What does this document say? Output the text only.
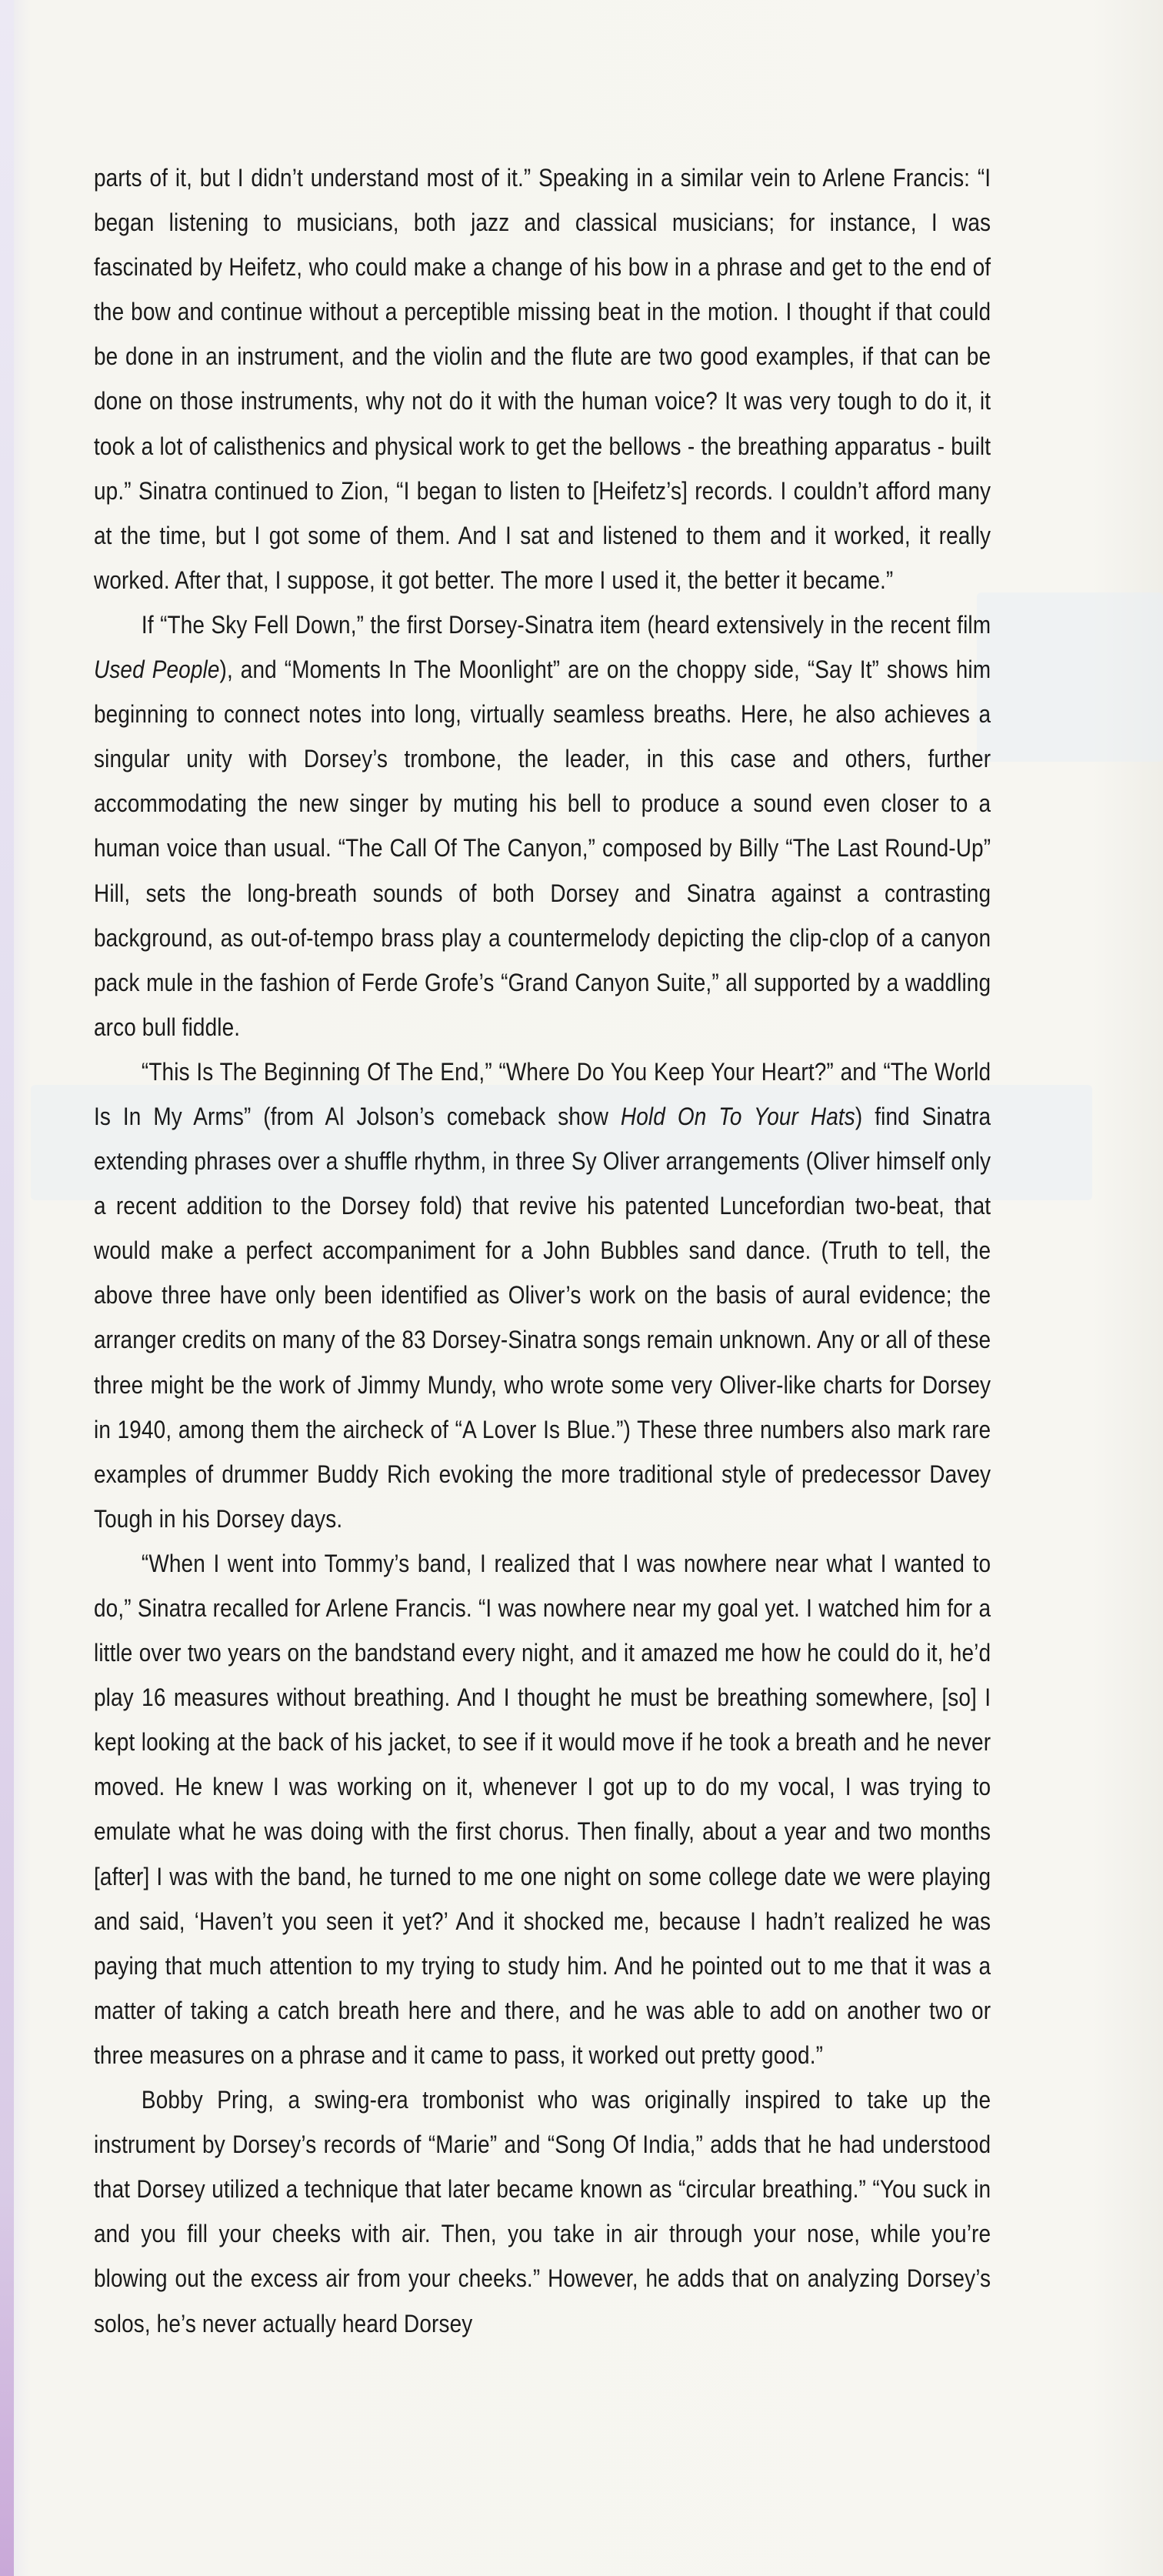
parts of it, but I didn’t understand most of it.” Speaking in a similar vein to Arlene Francis: “I began listening to musicians, both jazz and classical musicians; for instance, I was fascinated by Heifetz, who could make a change of his bow in a phrase and get to the end of the bow and continue without a perceptible missing beat in the motion. I thought if that could be done in an instrument, and the violin and the flute are two good examples, if that can be done on those instruments, why not do it with the human voice? It was very tough to do it, it took a lot of calisthenics and physical work to get the bellows - the breathing apparatus - built up.” Sinatra continued to Zion, “I began to listen to [Heifetz’s] records. I couldn’t afford many at the time, but I got some of them. And I sat and listened to them and it worked, it really worked. After that, I suppose, it got better. The more I used it, the better it became.”

If “The Sky Fell Down,” the first Dorsey-Sinatra item (heard extensively in the recent film Used People), and “Moments In The Moonlight” are on the choppy side, “Say It” shows him beginning to connect notes into long, virtually seamless breaths. Here, he also achieves a singular unity with Dorsey’s trombone, the leader, in this case and others, further accommodating the new singer by muting his bell to produce a sound even closer to a human voice than usual. “The Call Of The Canyon,” composed by Billy “The Last Round-Up” Hill, sets the long-breath sounds of both Dorsey and Sinatra against a contrasting background, as out-of-tempo brass play a countermelody depicting the clip-clop of a canyon pack mule in the fashion of Ferde Grofe’s “Grand Canyon Suite,” all supported by a waddling arco bull fiddle.

“This Is The Beginning Of The End,” “Where Do You Keep Your Heart?” and “The World Is In My Arms” (from Al Jolson’s comeback show Hold On To Your Hats) find Sinatra extending phrases over a shuffle rhythm, in three Sy Oliver arrangements (Oliver himself only a recent addition to the Dorsey fold) that revive his patented Luncefordian two-beat, that would make a perfect accompaniment for a John Bubbles sand dance. (Truth to tell, the above three have only been identified as Oliver’s work on the basis of aural evidence; the arranger credits on many of the 83 Dorsey-Sinatra songs remain unknown. Any or all of these three might be the work of Jimmy Mundy, who wrote some very Oliver-like charts for Dorsey in 1940, among them the aircheck of “A Lover Is Blue.”) These three numbers also mark rare examples of drummer Buddy Rich evoking the more traditional style of predecessor Davey Tough in his Dorsey days.

“When I went into Tommy’s band, I realized that I was nowhere near what I wanted to do,” Sinatra recalled for Arlene Francis. “I was nowhere near my goal yet. I watched him for a little over two years on the bandstand every night, and it amazed me how he could do it, he’d play 16 measures without breathing. And I thought he must be breathing somewhere, [so] I kept looking at the back of his jacket, to see if it would move if he took a breath and he never moved. He knew I was working on it, whenever I got up to do my vocal, I was trying to emulate what he was doing with the first chorus. Then finally, about a year and two months [after] I was with the band, he turned to me one night on some college date we were playing and said, ‘Haven’t you seen it yet?’ And it shocked me, because I hadn’t realized he was paying that much attention to my trying to study him. And he pointed out to me that it was a matter of taking a catch breath here and there, and he was able to add on another two or three measures on a phrase and it came to pass, it worked out pretty good.”

Bobby Pring, a swing-era trombonist who was originally inspired to take up the instrument by Dorsey’s records of “Marie” and “Song Of India,” adds that he had understood that Dorsey utilized a technique that later became known as “circular breathing.” “You suck in and you fill your cheeks with air. Then, you take in air through your nose, while you’re blowing out the excess air from your cheeks.” However, he adds that on analyzing Dorsey’s solos, he’s never actually heard Dorsey
